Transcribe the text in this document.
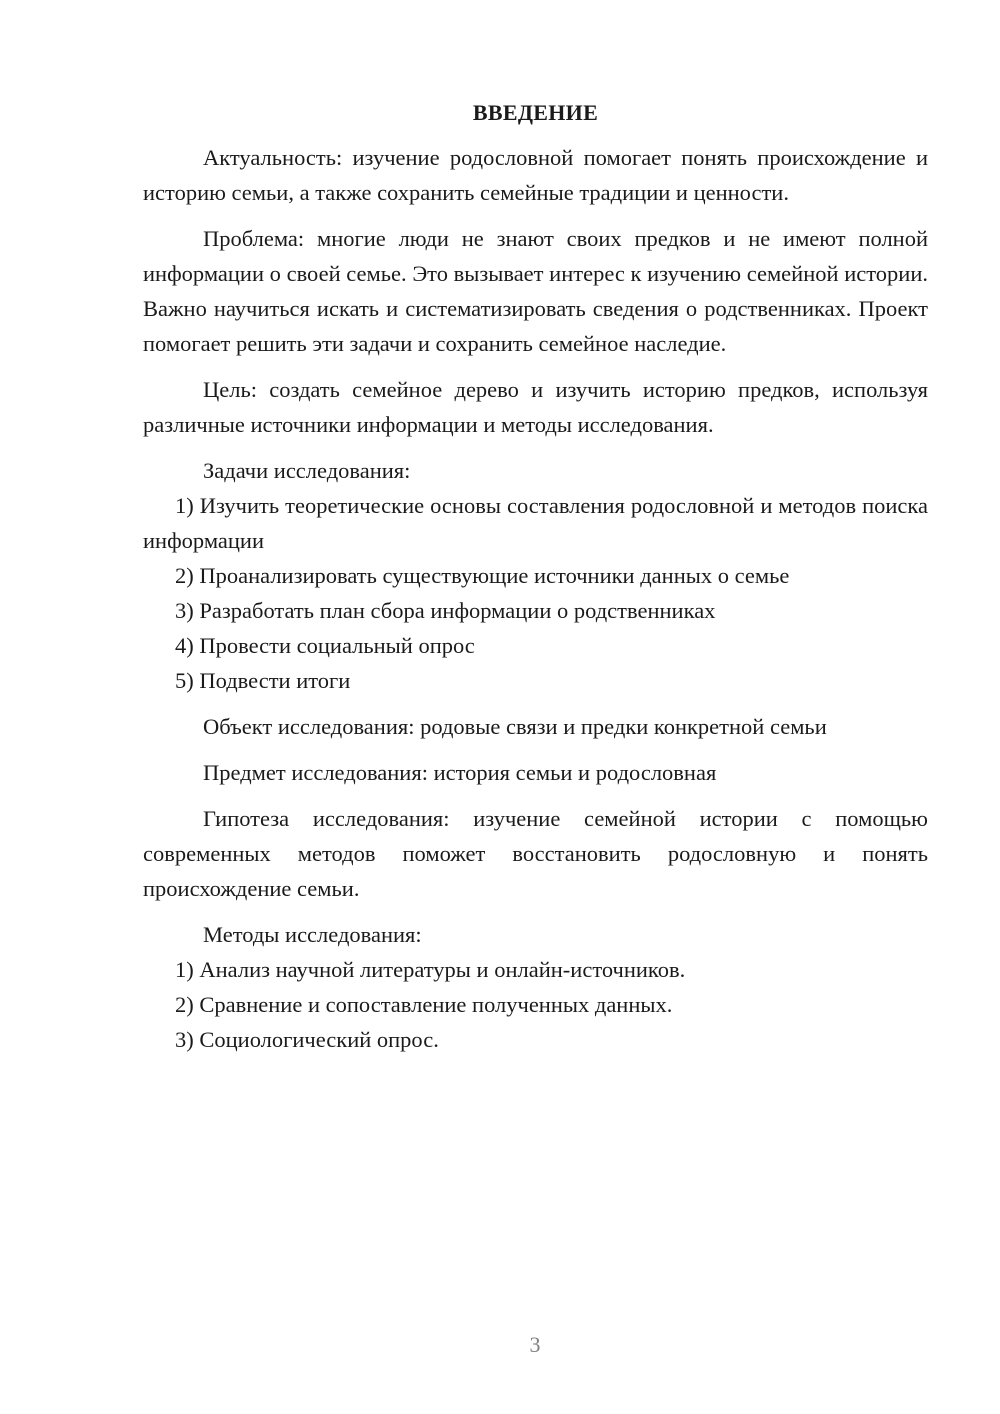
ВВЕДЕНИЕ

Актуальность: изучение родословной помогает понять происхождение и историю семьи, а также сохранить семейные традиции и ценности.

Проблема: многие люди не знают своих предков и не имеют полной информации о своей семье. Это вызывает интерес к изучению семейной истории. Важно научиться искать и систематизировать сведения о родственниках. Проект помогает решить эти задачи и сохранить семейное наследие.

Цель: создать семейное дерево и изучить историю предков, используя различные источники информации и методы исследования.

Задачи исследования:

1) Изучить теоретические основы составления родословной и методов поиска информации

2) Проанализировать существующие источники данных о семье

3) Разработать план сбора информации о родственниках

4) Провести социальный опрос

5) Подвести итоги

Объект исследования: родовые связи и предки конкретной семьи

Предмет исследования: история семьи и родословная

Гипотеза исследования: изучение семейной истории с помощью современных методов поможет восстановить родословную и понять происхождение семьи.

Методы исследования:

1) Анализ научной литературы и онлайн-источников.

2) Сравнение и сопоставление полученных данных.

3) Социологический опрос.

3
